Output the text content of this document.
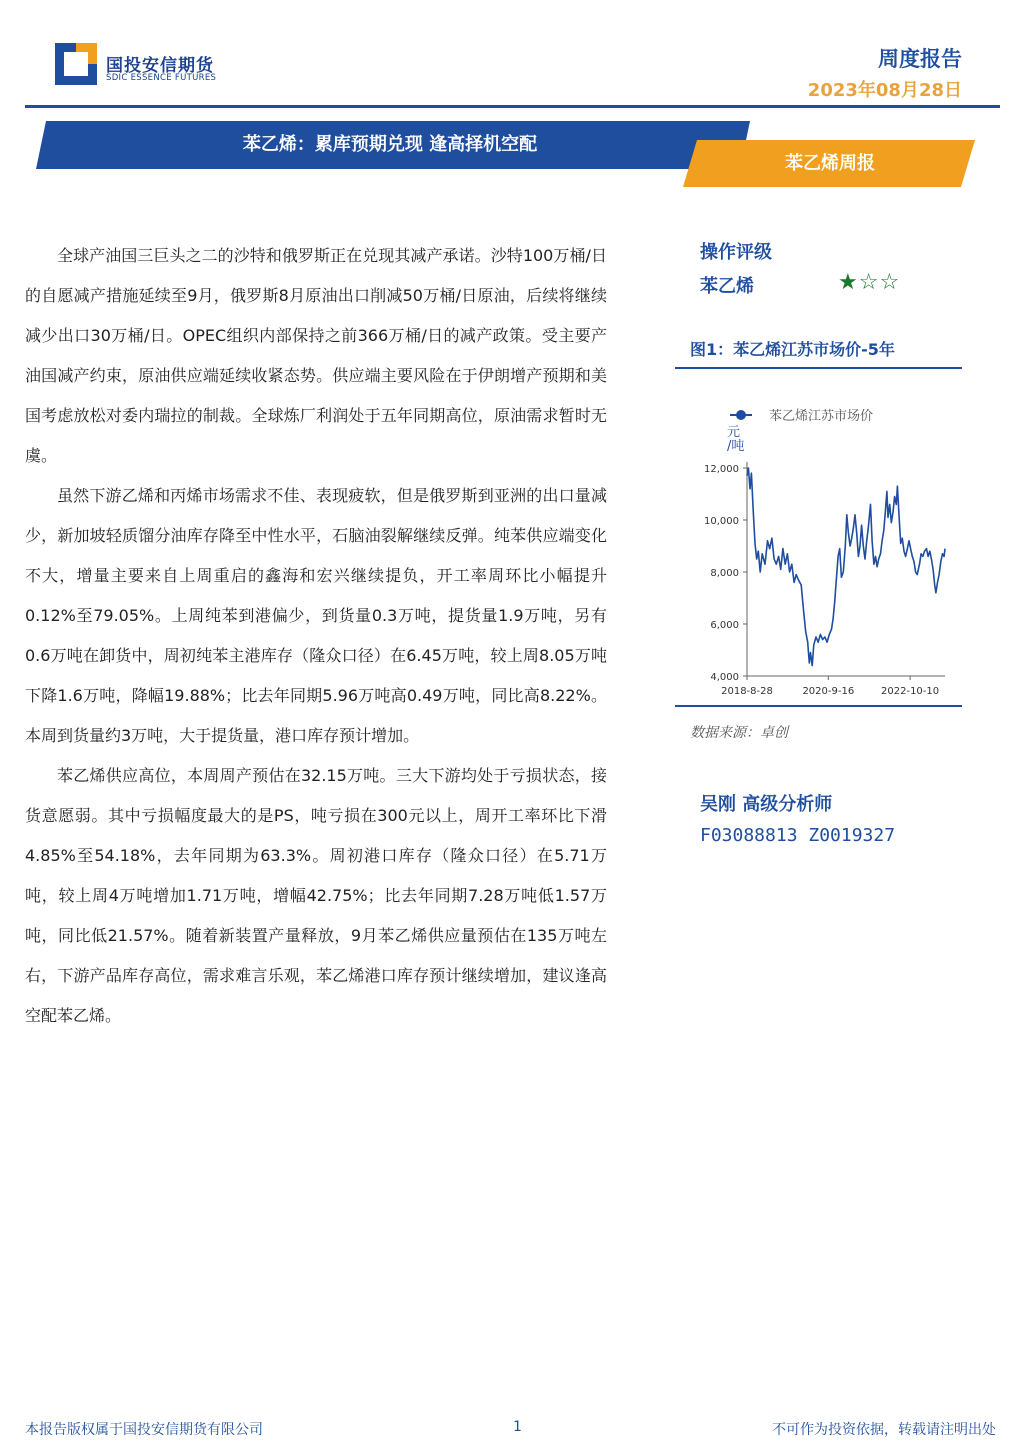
国投安信期货
SDIC ESSENCE FUTURES
周度报告
2023年08月28日
苯乙烯：累库预期兑现 逢高择机空配
苯乙烯周报

全球产油国三巨头之二的沙特和俄罗斯正在兑现其减产承诺。沙特100万桶/日的自愿减产措施延续至9月，俄罗斯8月原油出口削减50万桶/日原油，后续将继续减少出口30万桶/日。OPEC组织内部保持之前366万桶/日的减产政策。受主要产油国减产约束，原油供应端延续收紧态势。供应端主要风险在于伊朗增产预期和美国考虑放松对委内瑞拉的制裁。全球炼厂利润处于五年同期高位，原油需求暂时无虞。

虽然下游乙烯和丙烯市场需求不佳、表现疲软，但是俄罗斯到亚洲的出口量减少，新加坡轻质馏分油库存降至中性水平，石脑油裂解继续反弹。纯苯供应端变化不大，增量主要来自上周重启的鑫海和宏兴继续提负，开工率周环比小幅提升0.12%至79.05%。上周纯苯到港偏少，到货量0.3万吨，提货量1.9万吨，另有0.6万吨在卸货中，周初纯苯主港库存（隆众口径）在6.45万吨，较上周8.05万吨下降1.6万吨，降幅19.88%；比去年同期5.96万吨高0.49万吨，同比高8.22%。本周到货量约3万吨，大于提货量，港口库存预计增加。

苯乙烯供应高位，本周周产预估在32.15万吨。三大下游均处于亏损状态，接货意愿弱。其中亏损幅度最大的是PS，吨亏损在300元以上，周开工率环比下滑4.85%至54.18%，去年同期为63.3%。周初港口库存（隆众口径）在5.71万吨，较上周4万吨增加1.71万吨，增幅42.75%；比去年同期7.28万吨低1.57万吨，同比低21.57%。随着新装置产量释放，9月苯乙烯供应量预估在135万吨左右，下游产品库存高位，需求难言乐观，苯乙烯港口库存预计继续增加，建议逢高空配苯乙烯。

操作评级
苯乙烯	★☆☆
图1：苯乙烯江苏市场价-5年
苯乙烯江苏市场价
元/吨
4,000
6,000
8,000
10,000
12,000
2018-8-28	2020-9-16	2022-10-10
数据来源：卓创
吴刚 高级分析师
F03088813 Z0019327
本报告版权属于国投安信期货有限公司	1	不可作为投资依据，转载请注明出处
